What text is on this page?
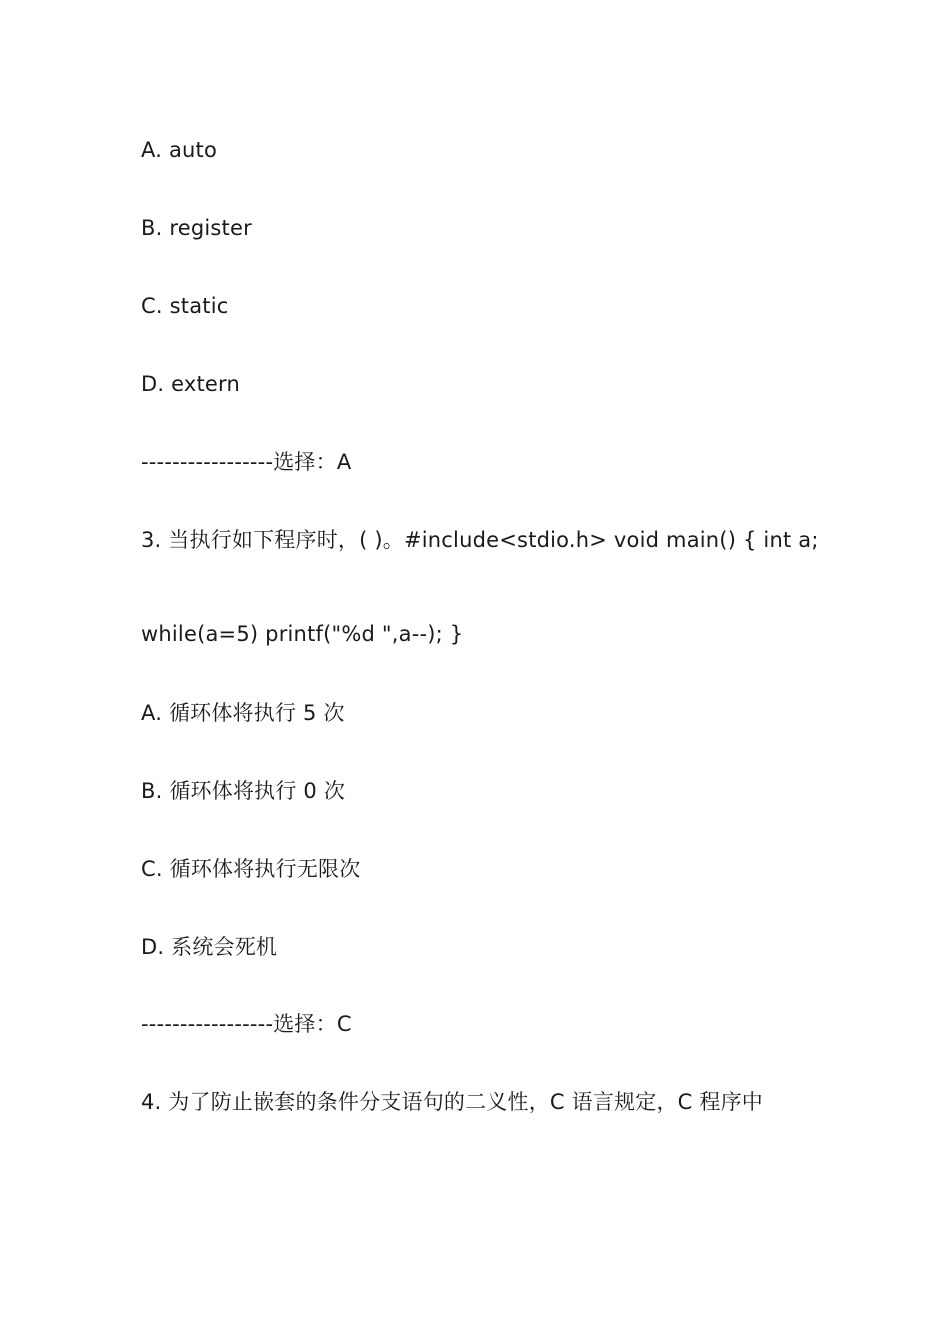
A. auto
B. register
C. static
D. extern
-----------------选择：A
3. 当执行如下程序时，( )。#include<stdio.h> void main() { int a;
while(a=5) printf("%d ",a--); }
A. 循环体将执行 5 次
B. 循环体将执行 0 次
C. 循环体将执行无限次
D. 系统会死机
-----------------选择：C
4. 为了防止嵌套的条件分支语句的二义性，C 语言规定，C 程序中
